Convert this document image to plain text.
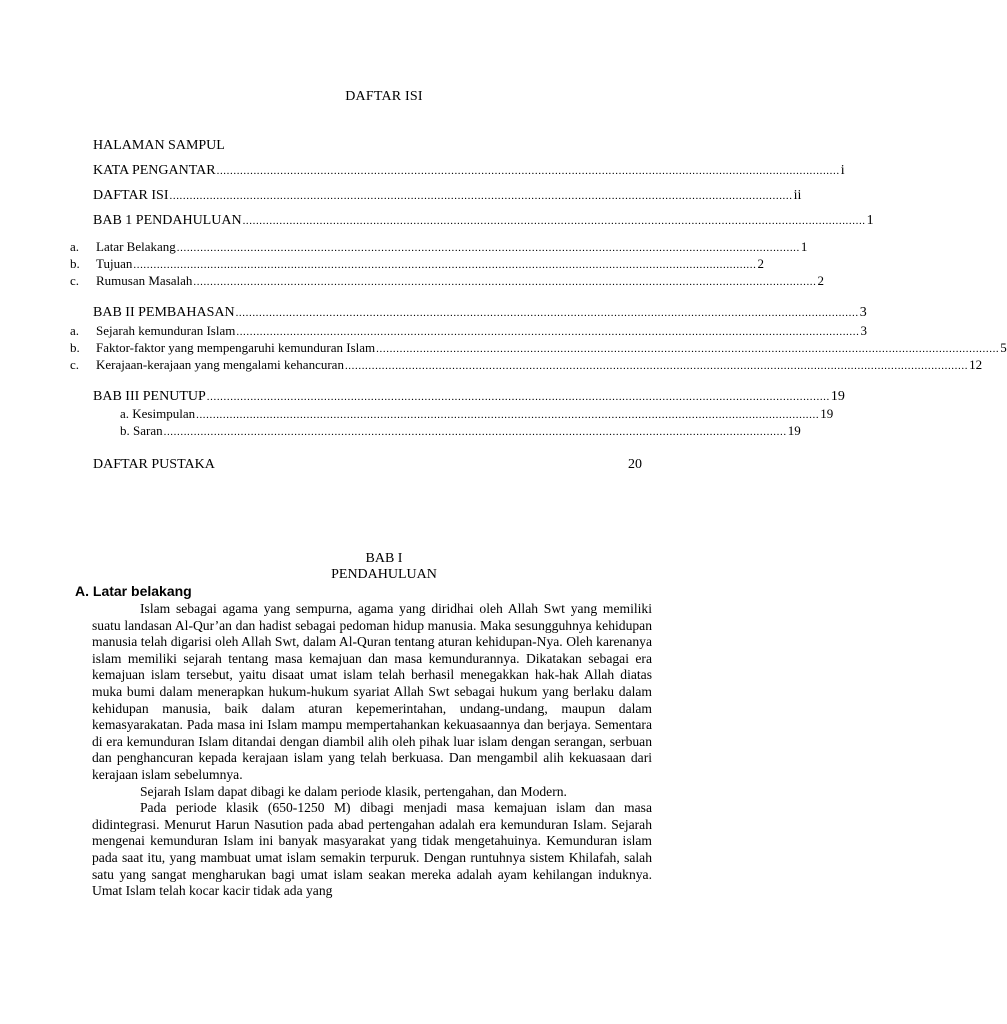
DAFTAR ISI
HALAMAN SAMPUL
KATA PENGANTAR .......................................................................................................................................................................................... i
DAFTAR ISI .......................................................................................................................................................................................... ii
BAB 1 PENDAHULUAN .......................................................................................................................................................................................... 1
a. Latar Belakang .......................................................................................................................................................................................... 1
b. Tujuan .......................................................................................................................................................................................... 2
c. Rumusan Masalah .......................................................................................................................................................................................... 2
BAB II PEMBAHASAN .......................................................................................................................................................................................... 3
a. Sejarah kemunduran Islam .......................................................................................................................................................................................... 3
b. Faktor-faktor yang mempengaruhi kemunduran Islam .......................................................................................................................................................................................... 5
c. Kerajaan-kerajaan yang mengalami kehancuran .......................................................................................................................................................................................... 12
BAB III PENUTUP .......................................................................................................................................................................................... 19
a. Kesimpulan .......................................................................................................................................................................................... 19
b. Saran .......................................................................................................................................................................................... 19
DAFTAR PUSTAKA	20
BAB I
PENDAHULUAN
A. Latar belakang

Islam sebagai agama yang sempurna, agama yang diridhai oleh Allah Swt yang memiliki suatu landasan Al-Qur’an dan hadist sebagai pedoman hidup manusia. Maka sesungguhnya kehidupan manusia telah digarisi oleh Allah Swt, dalam Al-Quran tentang aturan kehidupan-Nya. Oleh karenanya islam memiliki sejarah tentang masa kemajuan dan masa kemundurannya. Dikatakan sebagai era kemajuan islam tersebut, yaitu disaat umat islam telah berhasil menegakkan hak-hak Allah diatas muka bumi dalam menerapkan hukum-hukum syariat Allah Swt sebagai hukum yang berlaku dalam kehidupan manusia, baik dalam aturan kepemerintahan, undang-undang, maupun dalam kemasyarakatan. Pada masa ini Islam mampu mempertahankan kekuasaannya dan berjaya. Sementara di era kemunduran Islam ditandai dengan diambil alih oleh pihak luar islam dengan serangan, serbuan dan penghancuran kepada kerajaan islam yang telah berkuasa. Dan mengambil alih kekuasaan dari kerajaan islam sebelumnya.

Sejarah Islam dapat dibagi ke dalam periode klasik, pertengahan, dan Modern.

Pada periode klasik (650-1250 M) dibagi menjadi masa kemajuan islam dan masa didintegrasi. Menurut Harun Nasution pada abad pertengahan adalah era kemunduran Islam. Sejarah mengenai kemunduran Islam ini banyak masyarakat yang tidak mengetahuinya. Kemunduran islam pada saat itu, yang mambuat umat islam semakin terpuruk. Dengan runtuhnya sistem Khilafah, salah satu yang sangat mengharukan bagi umat islam seakan mereka adalah ayam kehilangan induknya. Umat Islam telah kocar kacir tidak ada yang
